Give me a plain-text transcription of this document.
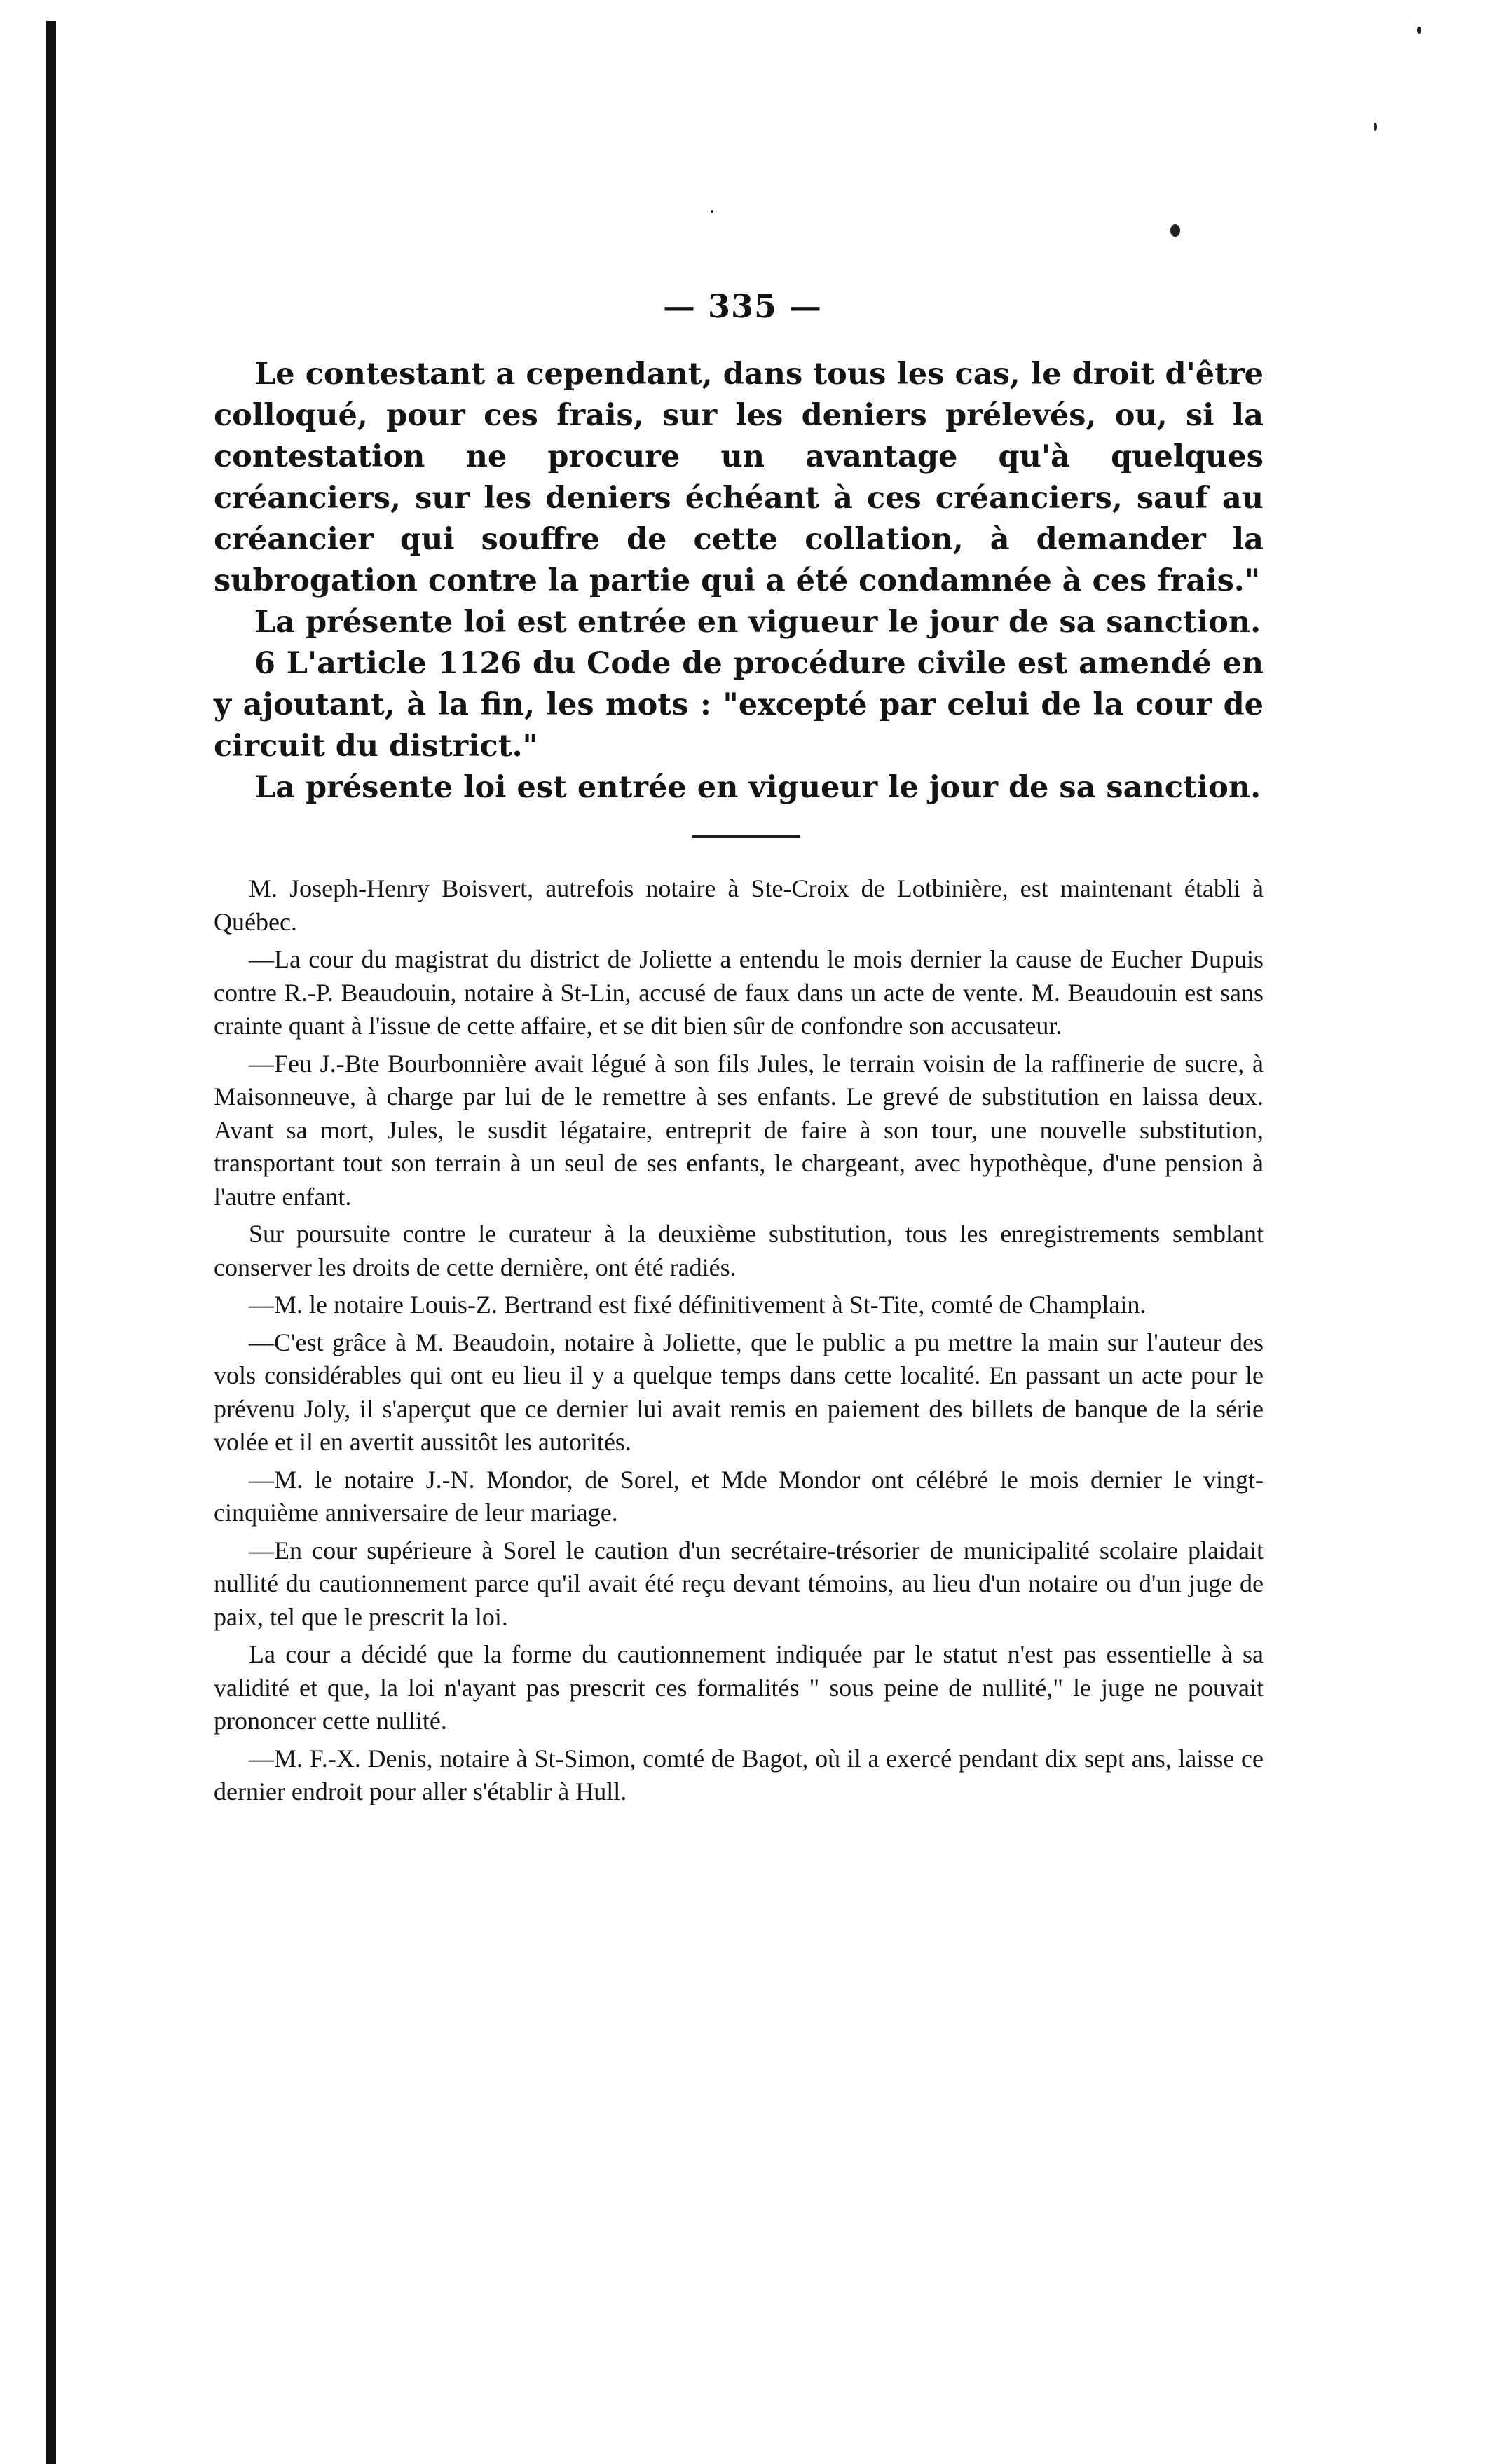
— 335 —

Le contestant a cependant, dans tous les cas, le droit d'être colloqué, pour ces frais, sur les deniers prélevés, ou, si la contestation ne procure un avantage qu'à quelques créanciers, sur les deniers échéant à ces créanciers, sauf au créancier qui souffre de cette collation, à demander la subrogation contre la partie qui a été condamnée à ces frais."

La présente loi est entrée en vigueur le jour de sa sanction.

6 L'article 1126 du Code de procédure civile est amendé en y ajoutant, à la fin, les mots : "excepté par celui de la cour de circuit du district."

La présente loi est entrée en vigueur le jour de sa sanction.

M. Joseph-Henry Boisvert, autrefois notaire à Ste-Croix de Lotbinière, est maintenant établi à Québec.

—La cour du magistrat du district de Joliette a entendu le mois dernier la cause de Eucher Dupuis contre R.-P. Beaudouin, notaire à St-Lin, accusé de faux dans un acte de vente. M. Beaudouin est sans crainte quant à l'issue de cette affaire, et se dit bien sûr de confondre son accusateur.

—Feu J.-Bte Bourbonnière avait légué à son fils Jules, le terrain voisin de la raffinerie de sucre, à Maisonneuve, à charge par lui de le remettre à ses enfants. Le grevé de substitution en laissa deux. Avant sa mort, Jules, le susdit légataire, entreprit de faire à son tour, une nouvelle substitution, transportant tout son terrain à un seul de ses enfants, le chargeant, avec hypothèque, d'une pension à l'autre enfant.

Sur poursuite contre le curateur à la deuxième substitution, tous les enregistrements semblant conserver les droits de cette dernière, ont été radiés.

—M. le notaire Louis-Z. Bertrand est fixé définitivement à St-Tite, comté de Champlain.

—C'est grâce à M. Beaudoin, notaire à Joliette, que le public a pu mettre la main sur l'auteur des vols considérables qui ont eu lieu il y a quelque temps dans cette localité. En passant un acte pour le prévenu Joly, il s'aperçut que ce dernier lui avait remis en paiement des billets de banque de la série volée et il en avertit aussitôt les autorités.

—M. le notaire J.-N. Mondor, de Sorel, et Mde Mondor ont célébré le mois dernier le vingt-cinquième anniversaire de leur mariage.

—En cour supérieure à Sorel le caution d'un secrétaire-trésorier de municipalité scolaire plaidait nullité du cautionnement parce qu'il avait été reçu devant témoins, au lieu d'un notaire ou d'un juge de paix, tel que le prescrit la loi.

La cour a décidé que la forme du cautionnement indiquée par le statut n'est pas essentielle à sa validité et que, la loi n'ayant pas prescrit ces formalités " sous peine de nullité," le juge ne pouvait prononcer cette nullité.

—M. F.-X. Denis, notaire à St-Simon, comté de Bagot, où il a exercé pendant dix sept ans, laisse ce dernier endroit pour aller s'établir à Hull.
